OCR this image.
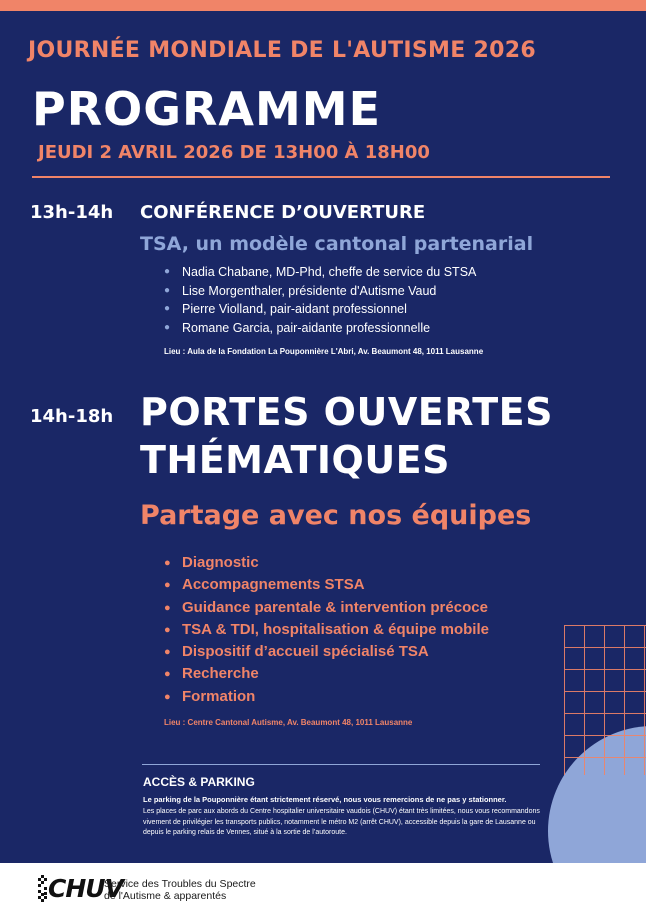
JOURNÉE MONDIALE DE L'AUTISME 2026
PROGRAMME
JEUDI 2 AVRIL 2026 DE 13H00 À 18H00
13h-14h CONFÉRENCE D’OUVERTURE
TSA, un modèle cantonal partenarial
● Nadia Chabane, MD-Phd, cheffe de service du STSA
● Lise Morgenthaler, présidente d'Autisme Vaud
● Pierre Violland, pair-aidant professionnel
● Romane Garcia, pair-aidante professionnelle
Lieu : Aula de la Fondation La Pouponnière L'Abri, Av. Beaumont 48, 1011 Lausanne
14h-18h PORTES OUVERTES
THÉMATIQUES
Partage avec nos équipes
● Diagnostic
● Accompagnements STSA
● Guidance parentale & intervention précoce
● TSA & TDI, hospitalisation & équipe mobile
● Dispositif d’accueil spécialisé TSA
● Recherche
● Formation
Lieu : Centre Cantonal Autisme, Av. Beaumont 48, 1011 Lausanne
ACCÈS & PARKING
Le parking de la Pouponnière étant strictement réservé, nous vous remercions de ne pas y stationner.
Les places de parc aux abords du Centre hospitalier universitaire vaudois (CHUV) étant très limitées, nous vous recommandons vivement de privilégier les transports publics, notamment le métro M2 (arrêt CHUV), accessible depuis la gare de Lausanne ou depuis le parking relais de Vennes, situé à la sortie de l’autoroute.
CHUV
Service des Troubles du Spectre
de l'Autisme & apparentés
